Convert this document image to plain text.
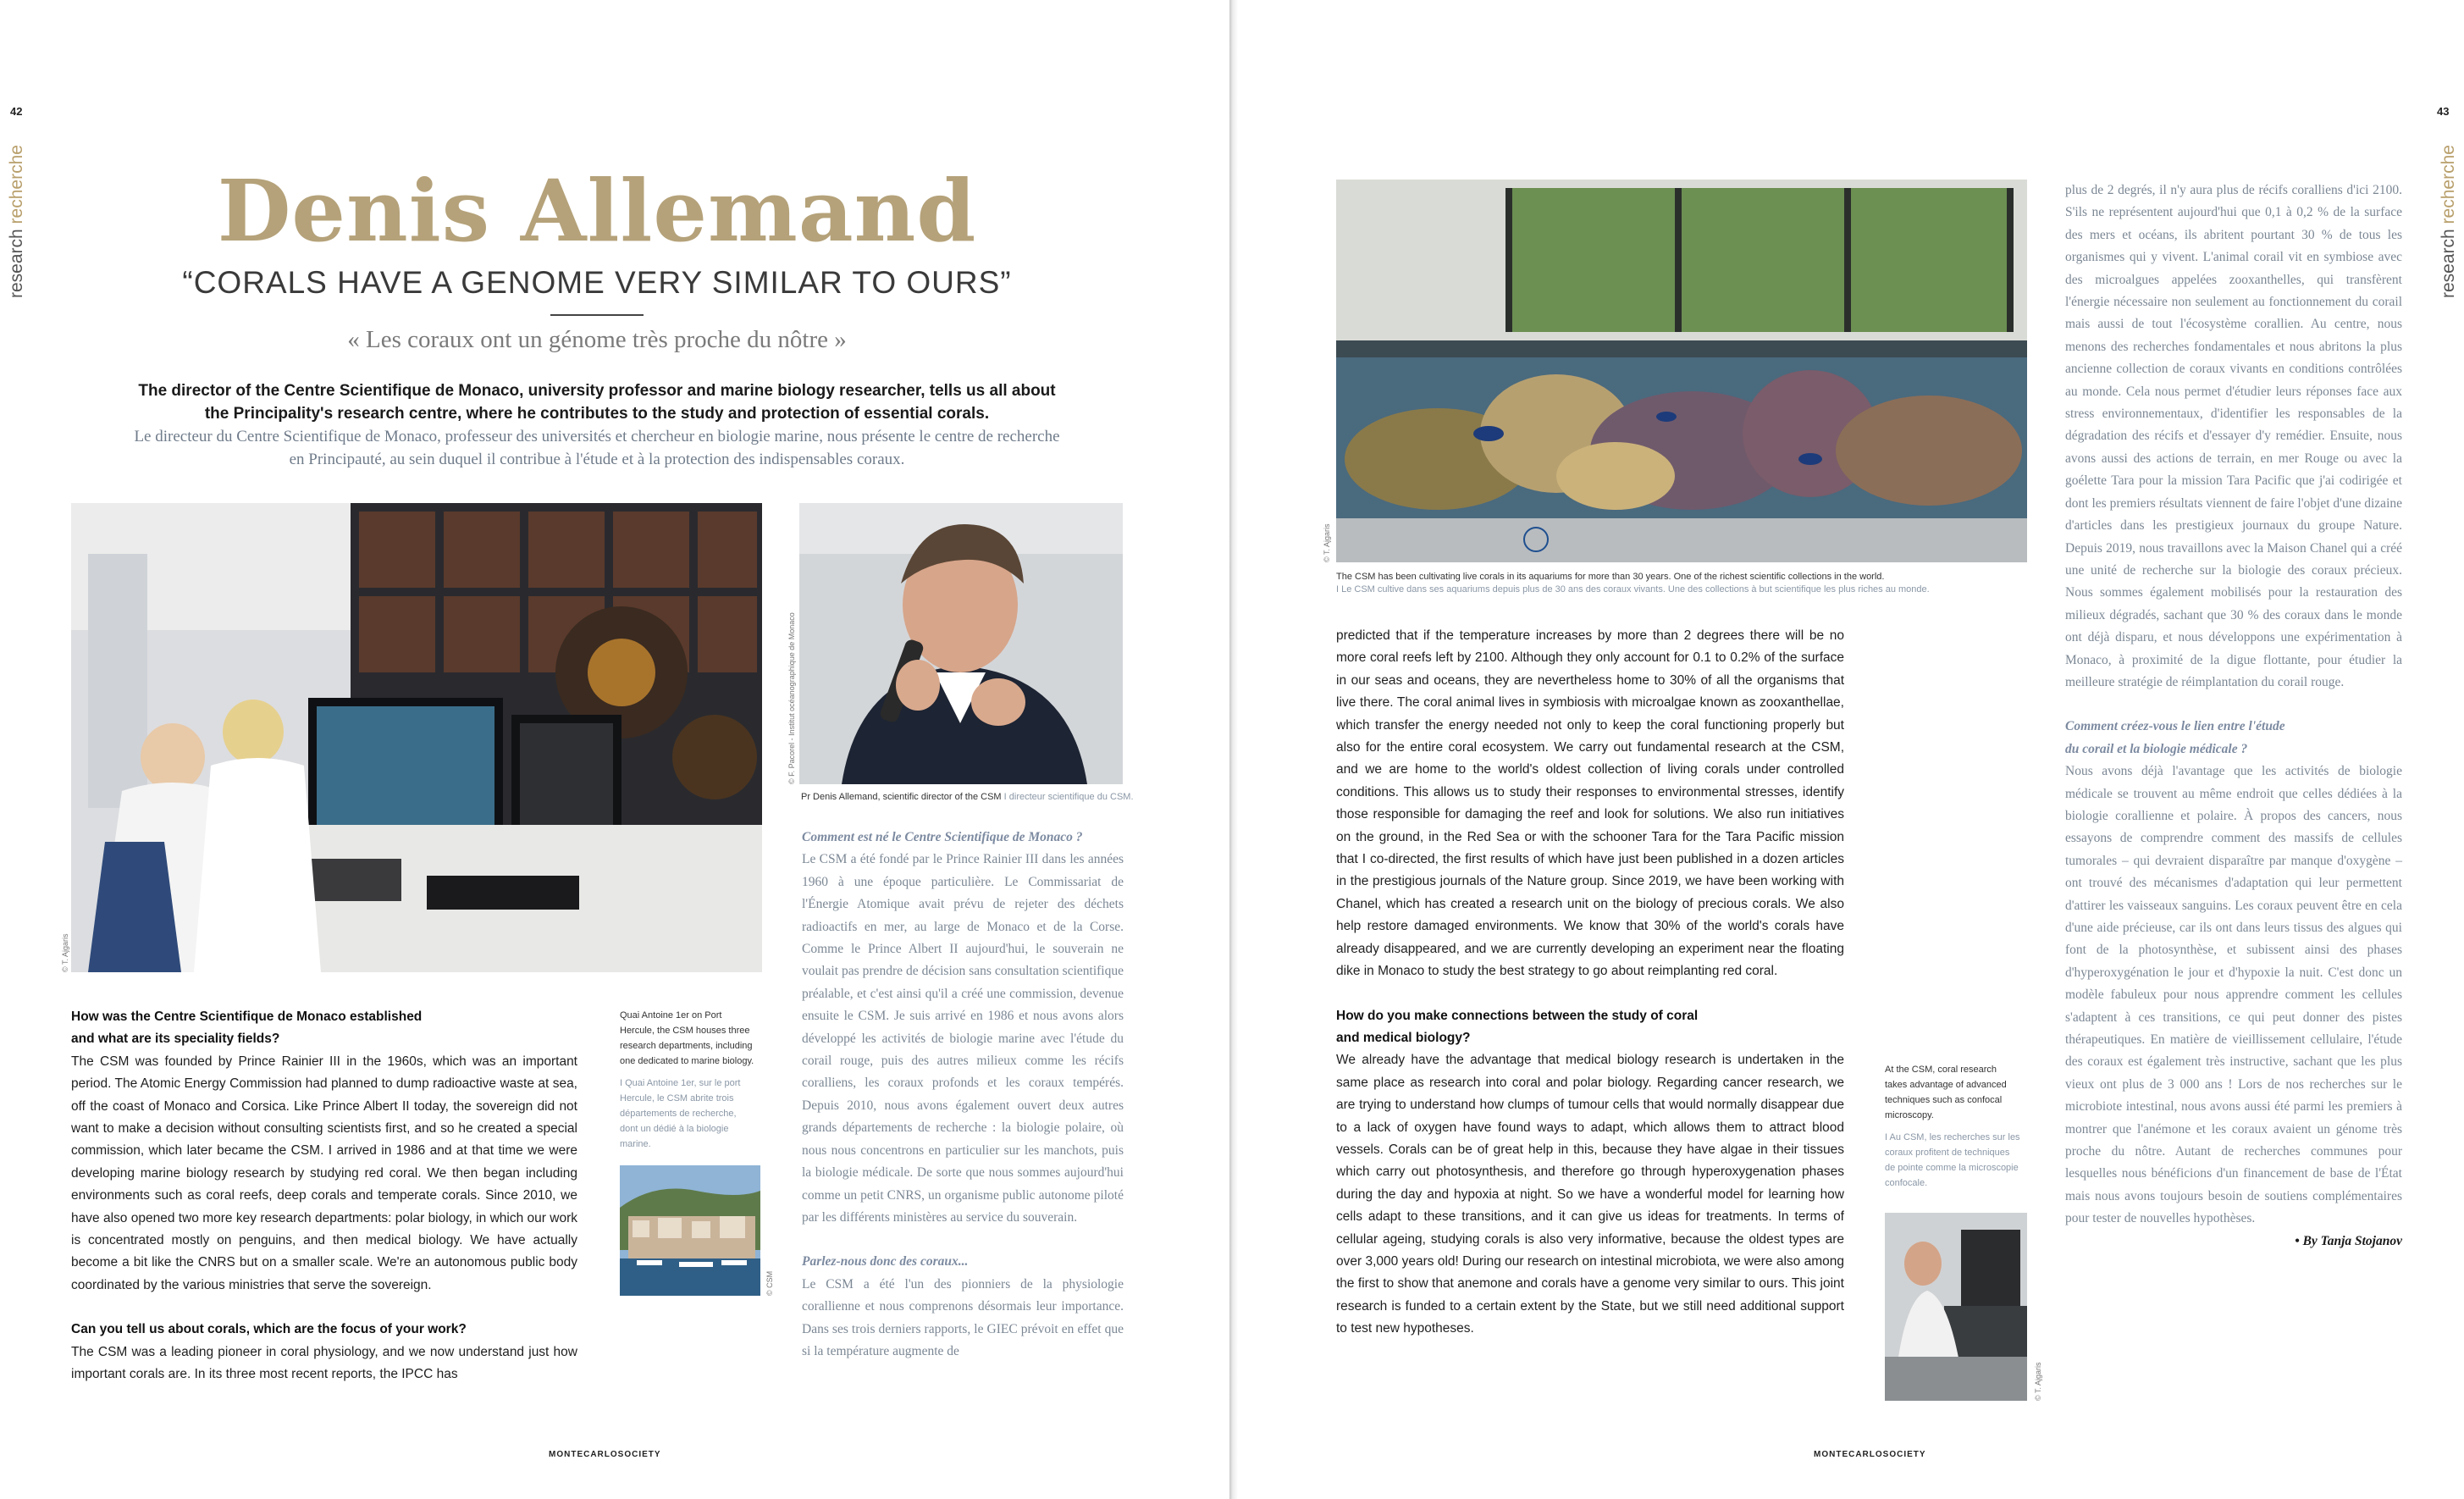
42
research recherche	Denis Allemand
“CORALS HAVE A GENOME VERY SIMILAR TO OURS”
« Les coraux ont un génome très proche du nôtre »
The director of the Centre Scientifique de Monaco, university professor and marine biology researcher, tells us all about the Principality's research centre, where he contributes to the study and protection of essential corals.
Le directeur du Centre Scientifique de Monaco, professeur des universités et chercheur en biologie marine, nous présente le centre de recherche en Principauté, au sein duquel il contribue à l'étude et à la protection des indispensables coraux.
© T. Ajgaris
© F. Pacorel - Institut océanographique de Monaco
Pr Denis Allemand, scientific director of the CSM I directeur scientifique du CSM.

How was the Centre Scientifique de Monaco established

and what are its speciality fields?

The CSM was founded by Prince Rainier III in the 1960s, which was an important period. The Atomic Energy Commission had planned to dump radioactive waste at sea, off the coast of Monaco and Corsica. Like Prince Albert II today, the sovereign did not want to make a decision without consulting scientists first, and so he created a special commission, which later became the CSM. I arrived in 1986 and at that time we were developing marine biology research by studying red coral. We then began including environments such as coral reefs, deep corals and temperate corals. Since 2010, we have also opened two more key research departments: polar biology, in which our work is concentrated mostly on penguins, and then medical biology. We have actually become a bit like the CNRS but on a smaller scale. We're an autonomous public body coordinated by the various ministries that serve the sovereign.

Can you tell us about corals, which are the focus of your work?

The CSM was a leading pioneer in coral physiology, and we now understand just how important corals are. In its three most recent reports, the IPCC has

Quai Antoine 1er on Port Hercule, the CSM houses three research departments, including one dedicated to marine biology.
I Quai Antoine 1er, sur le port Hercule, le CSM abrite trois départements de recherche, dont un dédié à la biologie marine.
© CSM

Comment est né le Centre Scientifique de Monaco ?

Le CSM a été fondé par le Prince Rainier III dans les années 1960 à une époque particulière. Le Commissariat de l'Énergie Atomique avait prévu de rejeter des déchets radioactifs en mer, au large de Monaco et de la Corse. Comme le Prince Albert II aujourd'hui, le souverain ne voulait pas prendre de décision sans consultation scientifique préalable, et c'est ainsi qu'il a créé une commission, devenue ensuite le CSM. Je suis arrivé en 1986 et nous avons alors développé les activités de biologie marine avec l'étude du corail rouge, puis des autres milieux comme les récifs coralliens, les coraux profonds et les coraux tempérés. Depuis 2010, nous avons également ouvert deux autres grands départements de recherche : la biologie polaire, où nous nous concentrons en particulier sur les manchots, puis la biologie médicale. De sorte que nous sommes aujourd'hui comme un petit CNRS, un organisme public autonome piloté par les différents ministères au service du souverain.

Parlez-nous donc des coraux...

Le CSM a été l'un des pionniers de la physiologie corallienne et nous comprenons désormais leur importance. Dans ses trois derniers rapports, le GIEC prévoit en effet que si la température augmente de

MONTECARLOSOCIETY
43
research recherche
© T. Ajgaris
The CSM has been cultivating live corals in its aquariums for more than 30 years. One of the richest scientific collections in the world.
I Le CSM cultive dans ses aquariums depuis plus de 30 ans des coraux vivants. Une des collections à but scientifique les plus riches au monde.

predicted that if the temperature increases by more than 2 degrees there will be no more coral reefs left by 2100. Although they only account for 0.1 to 0.2% of the surface in our seas and oceans, they are nevertheless home to 30% of all the organisms that live there. The coral animal lives in symbiosis with microalgae known as zooxanthellae, which transfer the energy needed not only to keep the coral functioning properly but also for the entire coral ecosystem. We carry out fundamental research at the CSM, and we are home to the world's oldest collection of living corals under controlled conditions. This allows us to study their responses to environmental stresses, identify those responsible for damaging the reef and look for solutions. We also run initiatives on the ground, in the Red Sea or with the schooner Tara for the Tara Pacific mission that I co-directed, the first results of which have just been published in a dozen articles in the prestigious journals of the Nature group. Since 2019, we have been working with Chanel, which has created a research unit on the biology of precious corals. We also help restore damaged environments. We know that 30% of the world's corals have already disappeared, and we are currently developing an experiment near the floating dike in Monaco to study the best strategy to go about reimplanting red coral.

How do you make connections between the study of coral

and medical biology?

We already have the advantage that medical biology research is undertaken in the same place as research into coral and polar biology. Regarding cancer research, we are trying to understand how clumps of tumour cells that would normally disappear due to a lack of oxygen have found ways to adapt, which allows them to attract blood vessels. Corals can be of great help in this, because they have algae in their tissues which carry out photosynthesis, and therefore go through hyperoxygenation phases during the day and hypoxia at night. So we have a wonderful model for learning how cells adapt to these transitions, and it can give us ideas for treatments. In terms of cellular ageing, studying corals is also very informative, because the oldest types are over 3,000 years old! During our research on intestinal microbiota, we were also among the first to show that anemone and corals have a genome very similar to ours. This joint research is funded to a certain extent by the State, but we still need additional support to test new hypotheses.

At the CSM, coral research takes advantage of advanced techniques such as confocal microscopy.
I Au CSM, les recherches sur les coraux profitent de techniques de pointe comme la microscopie confocale.
© T. Ajgaris

plus de 2 degrés, il n'y aura plus de récifs coralliens d'ici 2100. S'ils ne représentent aujourd'hui que 0,1 à 0,2 % de la surface des mers et océans, ils abritent pourtant 30 % de tous les organismes qui y vivent. L'animal corail vit en symbiose avec des microalgues appelées zooxanthelles, qui transfèrent l'énergie nécessaire non seulement au fonctionnement du corail mais aussi de tout l'écosystème corallien. Au centre, nous menons des recherches fondamentales et nous abritons la plus ancienne collection de coraux vivants en conditions contrôlées au monde. Cela nous permet d'étudier leurs réponses face aux stress environnementaux, d'identifier les responsables de la dégradation des récifs et d'essayer d'y remédier. Ensuite, nous avons aussi des actions de terrain, en mer Rouge ou avec la goélette Tara pour la mission Tara Pacific que j'ai codirigée et dont les premiers résultats viennent de faire l'objet d'une dizaine d'articles dans les prestigieux journaux du groupe Nature. Depuis 2019, nous travaillons avec la Maison Chanel qui a créé une unité de recherche sur la biologie des coraux précieux. Nous sommes également mobilisés pour la restauration des milieux dégradés, sachant que 30 % des coraux dans le monde ont déjà disparu, et nous développons une expérimentation à Monaco, à proximité de la digue flottante, pour étudier la meilleure stratégie de réimplantation du corail rouge.

Comment créez-vous le lien entre l'étude

du corail et la biologie médicale ?

Nous avons déjà l'avantage que les activités de biologie médicale se trouvent au même endroit que celles dédiées à la biologie corallienne et polaire. À propos des cancers, nous essayons de comprendre comment des massifs de cellules tumorales – qui devraient disparaître par manque d'oxygène – ont trouvé des mécanismes d'adaptation qui leur permettent d'attirer les vaisseaux sanguins. Les coraux peuvent être en cela d'une aide précieuse, car ils ont dans leurs tissus des algues qui font de la photosynthèse, et subissent ainsi des phases d'hyperoxygénation le jour et d'hypoxie la nuit. C'est donc un modèle fabuleux pour nous apprendre comment les cellules s'adaptent à ces transitions, ce qui peut donner des pistes thérapeutiques. En matière de vieillissement cellulaire, l'étude des coraux est également très instructive, sachant que les plus vieux ont plus de 3 000 ans ! Lors de nos recherches sur le microbiote intestinal, nous avons aussi été parmi les premiers à montrer que l'anémone et les coraux avaient un génome très proche du nôtre. Autant de recherches communes pour lesquelles nous bénéficions d'un financement de base de l'État mais nous avons toujours besoin de soutiens complémentaires pour tester de nouvelles hypothèses.

• By Tanja Stojanov

MONTECARLOSOCIETY
